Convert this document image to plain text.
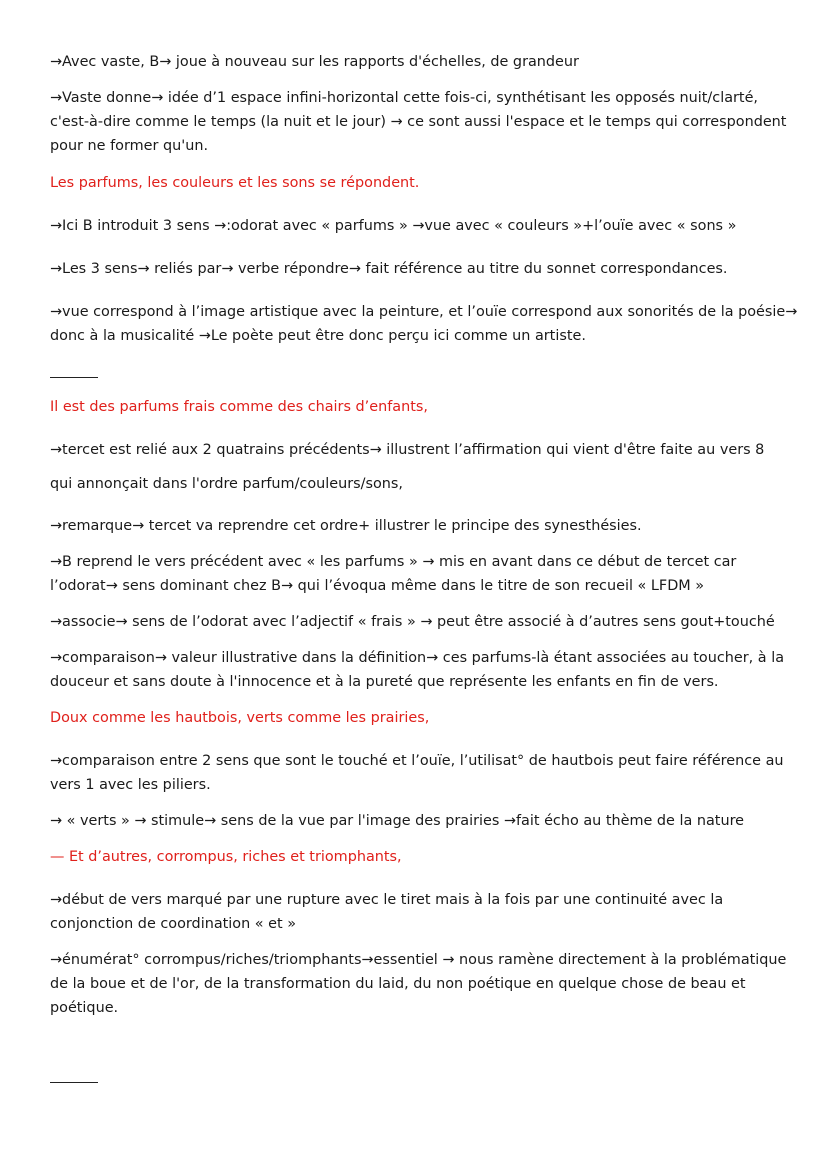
→Avec vaste, B→ joue à nouveau sur les rapports d'échelles, de grandeur

→Vaste donne→ idée d’1 espace infini-horizontal cette fois-ci, synthétisant les opposés nuit/clarté,
c'est-à-dire comme le temps (la nuit et le jour) → ce sont aussi l'espace et le temps qui correspondent
pour ne former qu'un.

Les parfums, les couleurs et les sons se répondent.

→Ici B introduit 3 sens →:odorat avec « parfums » →vue avec « couleurs »+l’ouïe avec « sons »

→Les 3 sens→ reliés par→ verbe répondre→ fait référence au titre du sonnet correspondances.

→vue correspond à l’image artistique avec la peinture, et l’ouïe correspond aux sonorités de la poésie→
donc à la musicalité →Le poète peut être donc perçu ici comme un artiste.

Il est des parfums frais comme des chairs d’enfants,

→tercet est relié aux 2 quatrains précédents→ illustrent l’affirmation qui vient d'être faite au vers 8

qui annonçait dans l'ordre parfum/couleurs/sons,

→remarque→ tercet va reprendre cet ordre+ illustrer le principe des synesthésies.

→B reprend le vers précédent avec « les parfums » → mis en avant dans ce début de tercet car
l’odorat→ sens dominant chez B→ qui l’évoqua même dans le titre de son recueil « LFDM »

→associe→ sens de l’odorat avec l’adjectif « frais » → peut être associé à d’autres sens gout+touché

→comparaison→ valeur illustrative dans la définition→ ces parfums-là étant associées au toucher, à la
douceur et sans doute à l'innocence et à la pureté que représente les enfants en fin de vers.

Doux comme les hautbois, verts comme les prairies,

→comparaison entre 2 sens que sont le touché et l’ouïe, l’utilisat° de hautbois peut faire référence au
vers 1 avec les piliers.

→ « verts » → stimule→ sens de la vue par l'image des prairies →fait écho au thème de la nature

— Et d’autres, corrompus, riches et triomphants,

→début de vers marqué par une rupture avec le tiret mais à la fois par une continuité avec la
conjonction de coordination « et »

→énumérat° corrompus/riches/triomphants→essentiel → nous ramène directement à la problématique
de la boue et de l'or, de la transformation du laid, du non poétique en quelque chose de beau et
poétique.
